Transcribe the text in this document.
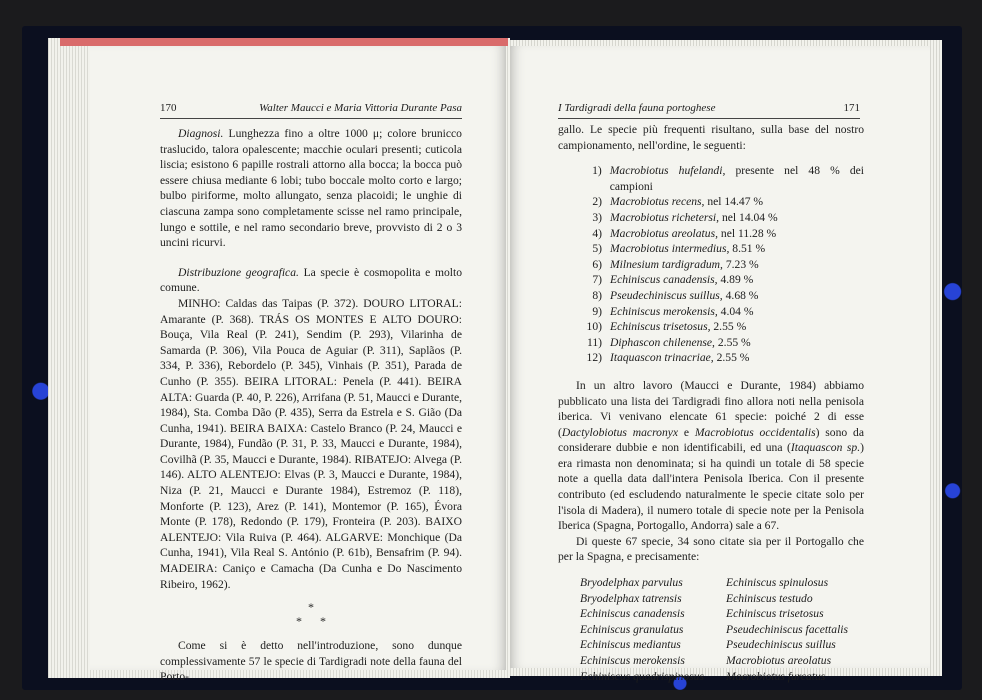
170	Walter Maucci e Maria Vittoria Durante Pasa

Diagnosi. Lunghezza fino a oltre 1000 μ; colore brunicco traslucido, talora opalescente; macchie oculari presenti; cuticola liscia; esistono 6 papille rostrali attorno alla bocca; la bocca può essere chiusa mediante 6 lobi; tubo boccale molto corto e largo; bulbo piriforme, molto allungato, senza placoidi; le unghie di ciascuna zampa sono completamente scisse nel ramo principale, lungo e sottile, e nel ramo secondario breve, provvisto di 2 o 3 uncini ricurvi.

Distribuzione geografica. La specie è cosmopolita e molto comune.

MINHO: Caldas das Taipas (P. 372). DOURO LITORAL: Amarante (P. 368). TRÁS OS MONTES E ALTO DOURO: Bouça, Vila Real (P. 241), Sendim (P. 293), Vilarinha de Samarda (P. 306), Vila Pouca de Aguiar (P. 311), Saplãos (P. 334, P. 336), Rebordelo (P. 345), Vinhais (P. 351), Parada de Cunho (P. 355). BEIRA LITORAL: Penela (P. 441). BEIRA ALTA: Guarda (P. 40, P. 226), Arrifana (P. 51, Maucci e Durante, 1984), Sta. Comba Dão (P. 435), Serra da Estrela e S. Gião (Da Cunha, 1941). BEIRA BAIXA: Castelo Branco (P. 24, Maucci e Durante, 1984), Fundão (P. 31, P. 33, Maucci e Durante, 1984), Covilhã (P. 35, Maucci e Durante, 1984). RIBATEJO: Alvega (P. 146). ALTO ALENTEJO: Elvas (P. 3, Maucci e Durante, 1984), Niza (P. 21, Maucci e Durante 1984), Estremoz (P. 118), Monforte (P. 123), Arez (P. 141), Montemor (P. 165), Évora Monte (P. 178), Redondo (P. 179), Fronteira (P. 203). BAIXO ALENTEJO: Vila Ruiva (P. 464). ALGARVE: Monchique (Da Cunha, 1941), Vila Real S. António (P. 61b), Bensafrim (P. 94). MADEIRA: Caniço e Camacha (Da Cunha e Do Nascimento Ribeiro, 1962).

*
* *

Come si è detto nell'introduzione, sono dunque complessivamente 57 le specie di Tardigradi note della fauna del Porto-

I Tardigradi della fauna portoghese	171

gallo. Le specie più frequenti risultano, sulla base del nostro campionamento, nell'ordine, le seguenti:

1) Macrobiotus hufelandi, presente nel 48 % dei campioni
2) Macrobiotus recens, nel 14.47 %
3) Macrobiotus richetersi, nel 14.04 %
4) Macrobiotus areolatus, nel 11.28 %
5) Macrobiotus intermedius, 8.51 %
6) Milnesium tardigradum, 7.23 %
7) Echiniscus canadensis, 4.89 %
8) Pseudechiniscus suillus, 4.68 %
9) Echiniscus merokensis, 4.04 %
10) Echiniscus trisetosus, 2.55 %
11) Diphascon chilenense, 2.55 %
12) Itaquascon trinacriae, 2.55 %

In un altro lavoro (Maucci e Durante, 1984) abbiamo pubblicato una lista dei Tardigradi fino allora noti nella penisola iberica. Vi venivano elencate 61 specie: poiché 2 di esse (Dactylobiotus macronyx e Macrobiotus occidentalis) sono da considerare dubbie e non identificabili, ed una (Itaquascon sp.) era rimasta non denominata; si ha quindi un totale di 58 specie note a quella data dall'intera Penisola Iberica. Con il presente contributo (ed escludendo naturalmente le specie citate solo per l'isola di Madera), il numero totale di specie note per la Penisola Iberica (Spagna, Portogallo, Andorra) sale a 67.

Di queste 67 specie, 34 sono citate sia per il Portogallo che per la Spagna, e precisamente:

Bryodelphax parvulus	Echiniscus spinulosus
Bryodelphax tatrensis	Echiniscus testudo
Echiniscus canadensis	Echiniscus trisetosus
Echiniscus granulatus	Pseudechiniscus facettalis
Echiniscus mediantus	Pseudechiniscus suillus
Echiniscus merokensis	Macrobiotus areolatus
Echiniscus quadrispinosus	Macrobiotus furcatus
